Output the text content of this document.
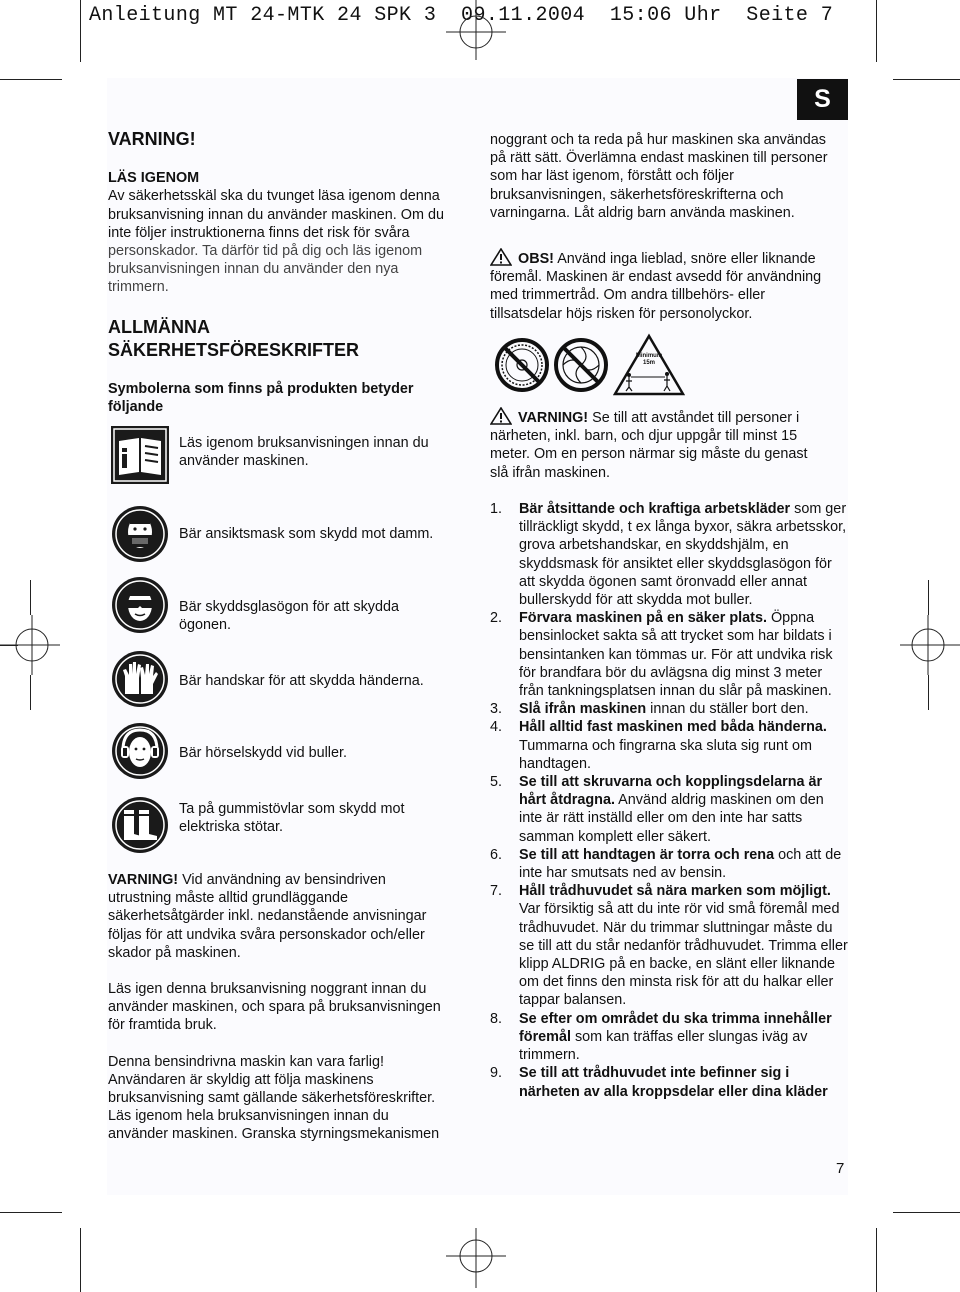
Anleitung MT 24-MTK 24 SPK 3  09.11.2004  15:06 Uhr  Seite 7
S

VARNING!

LÄS IGENOM

Av säkerhetsskäl ska du tvunget läsa igenom denna
bruksanvisning innan du använder maskinen. Om du
inte följer instruktionerna finns det risk för svåra
personskador. Ta därför tid på dig och läs igenom
bruksanvisningen innan du använder den nya
trimmern.
ALLMÄNNA
SÄKERHETSFÖRESKRIFTER
Symbolerna som finns på produkten betyder
följande
Läs igenom bruksanvisningen innan du
använder maskinen.
Bär ansiktsmask som skydd mot damm.
Bär skyddsglasögon för att skydda
ögonen.
Bär handskar för att skydda händerna.
Bär hörselskydd vid buller.
Ta på gummistövlar som skydd mot
elektriska stötar.
VARNING! Vid användning av bensindriven
utrustning måste alltid grundläggande
säkerhetsåtgärder inkl. nedanstående anvisningar
följas för att undvika svåra personskador och/eller
skador på maskinen.
Läs igen denna bruksanvisning noggrant innan du
använder maskinen, och spara på bruksanvisningen
för framtida bruk.
Denna bensindrivna maskin kan vara farlig!
Användaren är skyldig att följa maskinens
bruksanvisning samt gällande säkerhetsföreskrifter.
Läs igenom hela bruksanvisningen innan du
använder maskinen. Granska styrningsmekanismen
noggrant och ta reda på hur maskinen ska användas
på rätt sätt. Överlämna endast maskinen till personer
som har läst igenom, förstått och följer
bruksanvisningen, säkerhetsföreskrifterna och
varningarna. Låt aldrig barn använda maskinen.
OBS! Använd inga lieblad, snöre eller liknande
föremål. Maskinen är endast avsedd för användning
med trimmertråd. Om andra tillbehörs- eller
tillsatsdelar höjs risken för personolyckor.
Minimum
15m
VARNING! Se till att avståndet till personer i
närheten, inkl. barn, och djur uppgår till minst 15
meter. Om en person närmar sig måste du genast
slå ifrån maskinen.
1. Bär åtsittande och kraftiga arbetskläder som ger tillräckligt skydd, t ex långa byxor, säkra arbetsskor, grova arbetshandskar, en skyddshjälm, en skyddsmask för ansiktet eller skyddsglasögon för att skydda ögonen samt öronvadd eller annat bullerskydd för att skydda mot buller.
2. Förvara maskinen på en säker plats. Öppna bensinlocket sakta så att trycket som har bildats i bensintanken kan tömmas ur. För att undvika risk för brandfara bör du avlägsna dig minst 3 meter från tankningsplatsen innan du slår på maskinen.
3. Slå ifrån maskinen innan du ställer bort den.
4. Håll alltid fast maskinen med båda händerna. Tummarna och fingrarna ska sluta sig runt om handtagen.
5. Se till att skruvarna och kopplingsdelarna är hårt åtdragna. Använd aldrig maskinen om den inte är rätt inställd eller om den inte har satts samman komplett eller säkert.
6. Se till att handtagen är torra och rena och att de inte har smutsats ned av bensin.
7. Håll trådhuvudet så nära marken som möjligt. Var försiktig så att du inte rör vid små föremål med trådhuvudet. När du trimmar sluttningar måste du se till att du står nedanför trådhuvudet. Trimma eller klipp ALDRIG på en backe, en slänt eller liknande om det finns den minsta risk för att du halkar eller tappar balansen.
8. Se efter om området du ska trimma innehåller föremål som kan träffas eller slungas iväg av trimmern.
9. Se till att trådhuvudet inte befinner sig i närheten av alla kroppsdelar eller dina kläder
7
